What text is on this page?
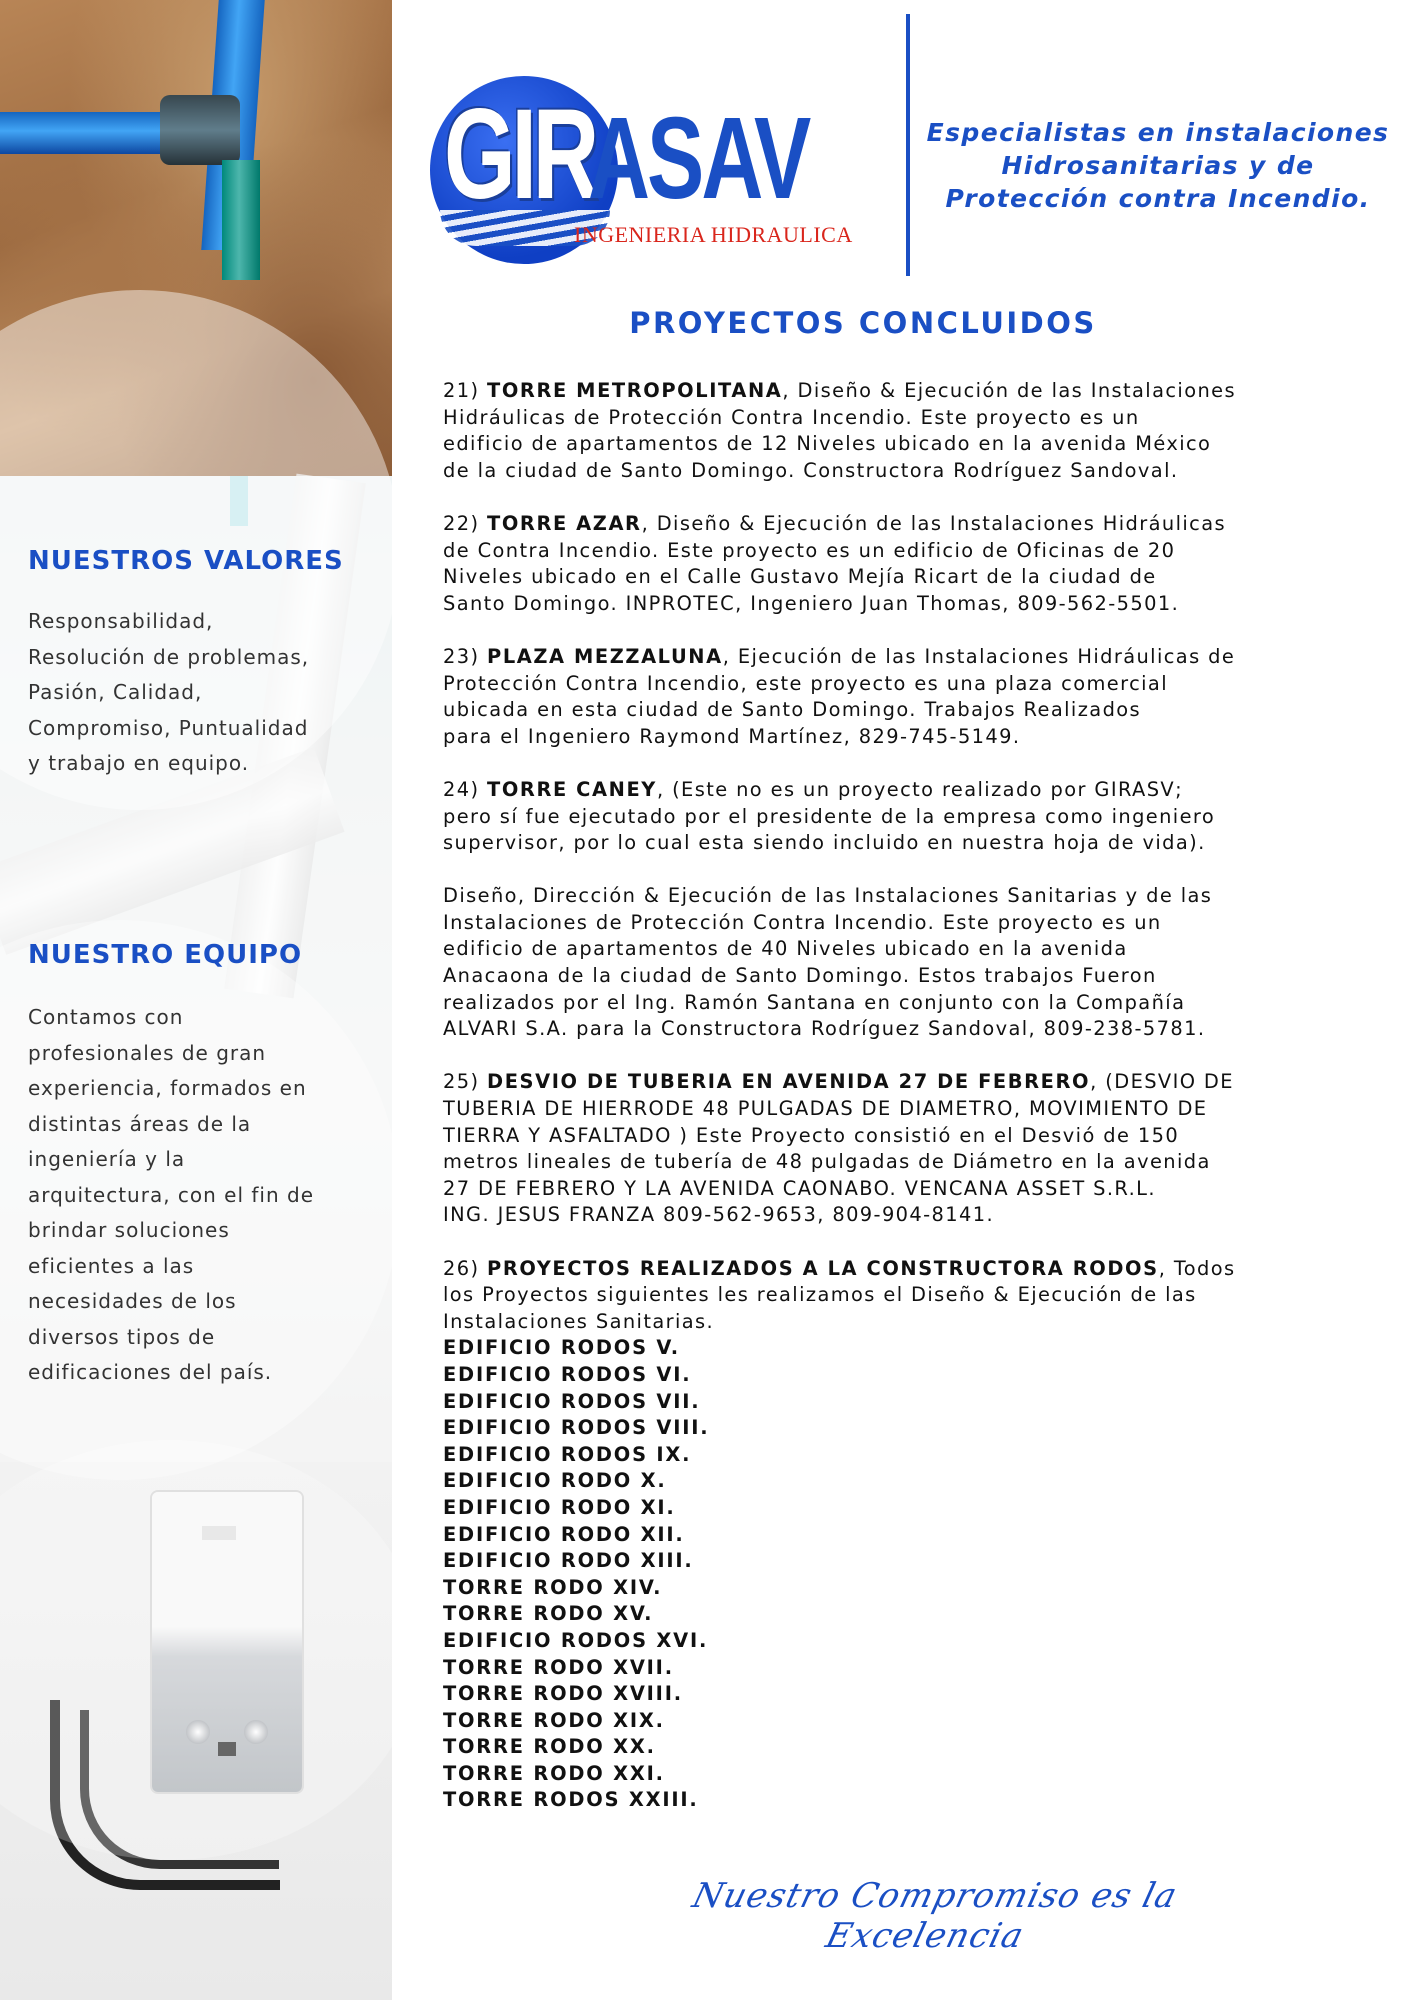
NUESTROS VALORES

Responsabilidad, Resolución de problemas, Pasión, Calidad, Compromiso, Puntualidad y trabajo en equipo.

NUESTRO EQUIPO

Contamos con profesionales de gran experiencia, formados en distintas áreas de la ingeniería y la arquitectura, con el fin de brindar soluciones eficientes a las necesidades de los diversos tipos de edificaciones del país.

GIR
ASAV
INGENIERIA HIDRAULICA

Especialistas en instalaciones Hidrosanitarias y de Protección contra Incendio.

PROYECTOS CONCLUIDOS

21) TORRE METROPOLITANA, Diseño & Ejecución de las Instalaciones
Hidráulicas de Protección Contra Incendio. Este proyecto es un
edificio de apartamentos de 12 Niveles ubicado en la avenida México
de la ciudad de Santo Domingo. Constructora Rodríguez Sandoval.

22) TORRE AZAR, Diseño & Ejecución de las Instalaciones Hidráulicas
de Contra Incendio. Este proyecto es un edificio de Oficinas de 20
Niveles ubicado en el Calle Gustavo Mejía Ricart de la ciudad de
Santo Domingo. INPROTEC, Ingeniero Juan Thomas, 809-562-5501.

23) PLAZA MEZZALUNA, Ejecución de las Instalaciones Hidráulicas de
Protección Contra Incendio, este proyecto es una plaza comercial
ubicada en esta ciudad de Santo Domingo. Trabajos Realizados
para el Ingeniero Raymond Martínez, 829-745-5149.

24) TORRE CANEY, (Este no es un proyecto realizado por GIRASV;
pero sí fue ejecutado por el presidente de la empresa como ingeniero
supervisor, por lo cual esta siendo incluido en nuestra hoja de vida).

Diseño, Dirección & Ejecución de las Instalaciones Sanitarias y de las
Instalaciones de Protección Contra Incendio. Este proyecto es un
edificio de apartamentos de 40 Niveles ubicado en la avenida
Anacaona de la ciudad de Santo Domingo. Estos trabajos Fueron
realizados por el Ing. Ramón Santana en conjunto con la Compañía
ALVARI S.A. para la Constructora Rodríguez Sandoval, 809-238-5781.

25) DESVIO DE TUBERIA EN AVENIDA 27 DE FEBRERO, (DESVIO DE
TUBERIA DE HIERRODE 48 PULGADAS DE DIAMETRO, MOVIMIENTO DE
TIERRA Y ASFALTADO ) Este Proyecto consistió en el Desvió de 150
metros lineales de tubería de 48 pulgadas de Diámetro en la avenida
27 DE FEBRERO Y LA AVENIDA CAONABO. VENCANA ASSET S.R.L.
ING. JESUS FRANZA 809-562-9653, 809-904-8141.

26) PROYECTOS REALIZADOS A LA CONSTRUCTORA RODOS, Todos
los Proyectos siguientes les realizamos el Diseño & Ejecución de las
Instalaciones Sanitarias.

EDIFICIO RODOS V.
EDIFICIO RODOS VI.
EDIFICIO RODOS VII.
EDIFICIO RODOS VIII.
EDIFICIO RODOS IX.
EDIFICIO RODO X.
EDIFICIO RODO XI.
EDIFICIO RODO XII.
EDIFICIO RODO XIII.
TORRE RODO XIV.
TORRE RODO XV.
EDIFICIO RODOS XVI.
TORRE RODO XVII.
TORRE RODO XVIII.
TORRE RODO XIX.
TORRE RODO XX.
TORRE RODO XXI.
TORRE RODOS XXIII.
Nuestro Compromiso es la Excelencia
